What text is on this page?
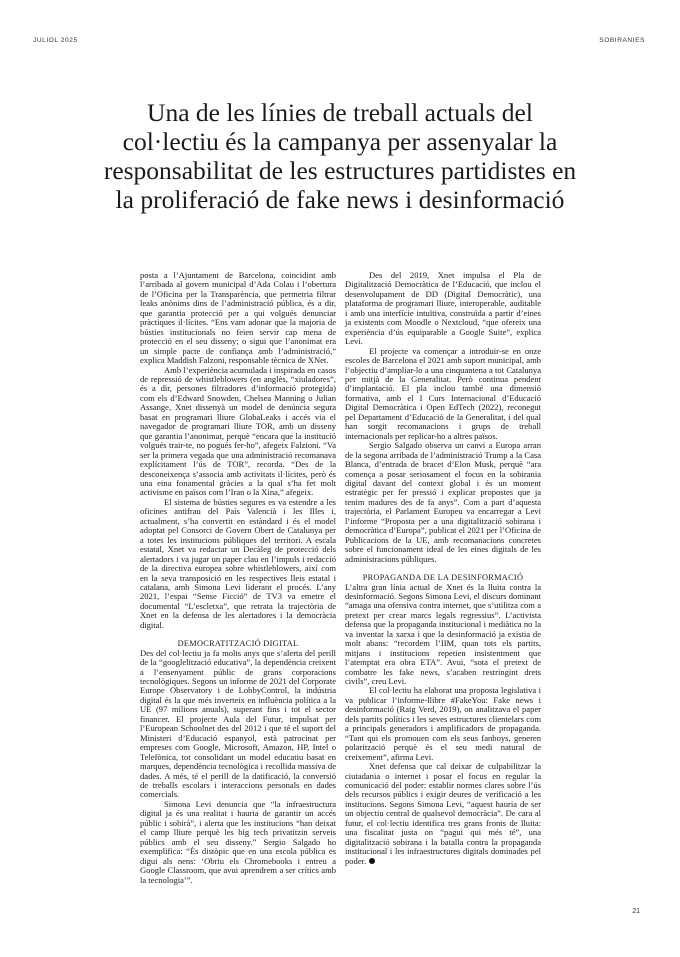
JULIOL 2025	SOBIRANIES
Una de les línies de treball actuals del col·lectiu és la campanya per assenyalar la responsabilitat de les estructures partidistes en la proliferació de fake news i desinformació

posta a l’Ajuntament de Barcelona, coincidint amb l’arribada al govern municipal d’Ada Colau i l’obertura de l’Oficina per la Transparència, que permetria filtrar leaks anònims dins de l’administració pública, és a dir, que garantia protecció per a qui volgués denunciar pràctiques il·lícites. “Ens vam adonar que la majoria de bústies institucionals no feien servir cap mena de protecció en el seu disseny; o sigui que l’anonimat era un simple pacte de confiança amb l’administració,” explica Maddish Falzoni, responsable tècnica de XNet.

Amb l’experiència acumulada i inspirada en casos de repressió de whistleblowers (en anglès, “xiuladores”, és a dir, persones filtradores d’informació protegida) com els d’Edward Snowden, Chelsea Manning o Julian Assange, Xnet dissenyà un model de denúncia segura basat en programari lliure GlobaLeaks i accés via el navegador de programari lliure TOR, amb un disseny que garantia l’anonimat, perquè “encara que la institució volgués trair-te, no pogués fer-ho”, afegeix Falzioni. “Va ser la primera vegada que una administració recomanava explícitament l’ús de TOR”, recorda. “Des de la desconeixença s’associa amb activitats il·lícites, però és una eina fonamental gràcies a la qual s’ha fet molt activisme en països com l’Iran o la Xina,” afegeix.

El sistema de bústies segures es va estendre a les oficines antifrau del País Valencià i les Illes i, actualment, s’ha convertit en estàndard i és el model adoptat pel Consorci de Govern Obert de Catalunya per a totes les institucions públiques del territori. A escala estatal, Xnet va redactar un Decàleg de protecció dels alertadors i va jugar un paper clau en l’impuls i redacció de la directiva europea sobre whistleblowers, així com en la seva transposició en les respectives lleis estatal i catalana, amb Simona Levi liderant el procés. L’any 2021, l’espai “Sense Ficció” de TV3 va emetre el documental “L’escletxa”, que retrata la trajectòria de Xnet en la defensa de les alertadores i la democràcia digital.

DEMOCRATITZACIÓ DIGITAL

Des del col·lectiu ja fa molts anys que s’alerta del perill de la “googlelització educativa”, la dependència creixent a l’ensenyament públic de grans corporacions tecnològiques. Segons un informe de 2021 del Corporate Europe Observatory i de LobbyControl, la indústria digital és la que més inverteix en influència política a la UE (97 milions anuals), superant fins i tot el sector financer. El projecte Aula del Futur, impulsat per l’European Schoolnet des del 2012 i que té el suport del Ministeri d’Educació espanyol, està patrocinat per empreses com Google, Microsoft, Amazon, HP, Intel o Telefònica, tot consolidant un model educatiu basat en marques, dependència tecnològica i recollida massiva de dades. A més, té el perill de la datificació, la conversió de treballs escolars i interaccions personals en dades comercials.

Simona Levi denuncia que “la infraestructura digital ja és una realitat i hauria de garantir un accés públic i sobirà”, i alerta que les institucions “han deixat el camp lliure perquè les big tech privatitzin serveis públics amb el seu disseny.” Sergio Salgado ho exemplifica: “És distòpic que en una escola pública es digui als nens: ‘Obriu els Chromebooks i entreu a Google Classroom, que avui aprendrem a ser crítics amb la tecnologia’”.

Des del 2019, Xnet impulsa el Pla de Digitalització Democràtica de l’Educació, que inclou el desenvolupament de DD (Digital Democràtic), una plataforma de programari lliure, interoperable, auditable i amb una interfície intuïtiva, construïda a partir d’eines ja existents com Moodle o Nextcloud, “que ofereix una experiència d’ús equiparable a Google Suite”, explica Levi.

El projecte va començar a introduir-se en onze escoles de Barcelona el 2021 amb suport municipal, amb l’objectiu d’ampliar-lo a una cinquantena a tot Catalunya per mitjà de la Generalitat. Però continua pendent d’implantació. El pla inclou també una dimensió formativa, amb el I Curs Internacional d’Educació Digital Democràtica i Open EdTech (2022), reconegut pel Departament d’Educació de la Generalitat, i del qual han sorgit recomanacions i grups de treball internacionals per replicar-ho a altres països.

Sergio Salgado observa un canvi a Europa arran de la segona arribada de l’administració Trump a la Casa Blanca, d’entrada de bracet d’Elon Musk, perquè “ara comença a posar seriosament el focus en la sobirania digital davant del context global i és un moment estratègic per fer pressió i explicar propostes que ja tenim madures des de fa anys”. Com a part d’aquesta trajectòria, el Parlament Europeu va encarregar a Levi l’informe “Proposta per a una digitalització sobirana i democràtica d’Europa”, publicat el 2021 per l’Oficina de Publicacions de la UE, amb recomanacions concretes sobre el funcionament ideal de les eines digitals de les administracions públiques.

PROPAGANDA DE LA DESINFORMACIÓ

L’altra gran línia actual de Xnet és la lluita contra la desinformació. Segons Simona Levi, el discurs dominant “amaga una ofensiva contra internet, que s’utilitza com a pretext per crear marcs legals regressius”. L’activista defensa que la propaganda institucional i mediàtica no la va inventar la xarxa i que la desinformació ja existia de molt abans: “recordem l’IIM, quan tots els partits, mitjans i institucions repetien insistentment que l’atemptat era obra ETA”. Avui, “sota el pretext de combatre les fake news, s’acaben restringint drets civils”, creu Levi.

El col·lectiu ha elaborat una proposta legislativa i va publicar l’informe-llibre #FakeYou: Fake news i desinformació (Raig Verd, 2019), on analitzava el paper dels partits polítics i les seves estructures clientelars com a principals generadors i amplificadors de propaganda. “Tant qui els promouen com els seus fanboys, generen polarització perquè és el seu medi natural de creixement”, afirma Levi.

Xnet defensa que cal deixar de culpabilitzar la ciutadania o internet i posar el focus en regular la comunicació del poder: establir normes clares sobre l’ús dels recursos públics i exigir deures de verificació a les institucions. Segons Simona Levi, “aquest hauria de ser un objectiu central de qualsevol democràcia”. De cara al futur, el col·lectiu identifica tres grans fronts de lluita: una fiscalitat justa on “pagui qui més té”, una digitalització sobirana i la batalla contra la propaganda institucional i les infraestructures digitals dominades pel poder.

21
